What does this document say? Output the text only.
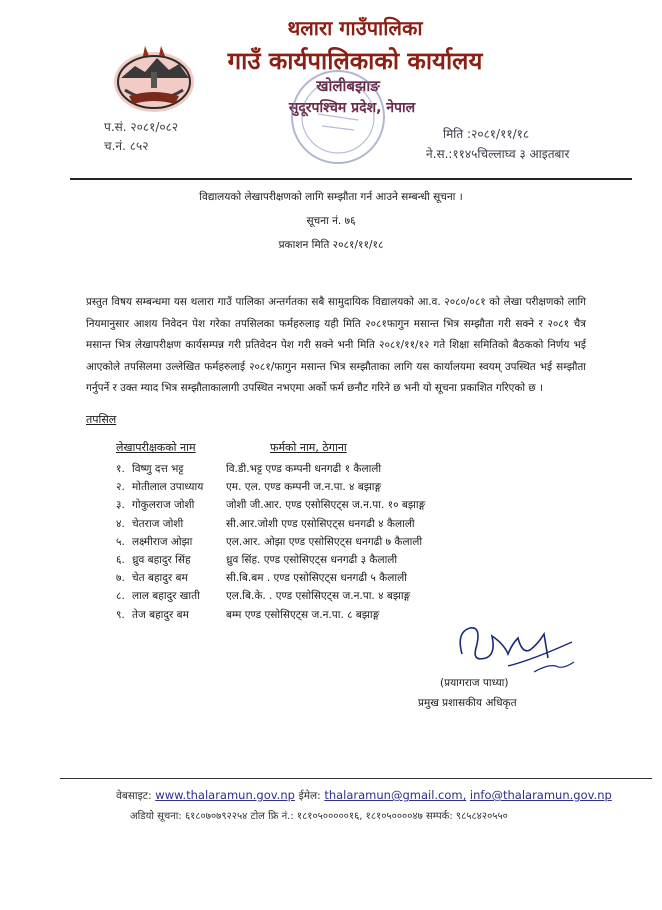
थलारा गाउँपालिका
गाउँ कार्यपालिकाको कार्यालय
खोलीबझाङ
सुदूरपश्चिम प्रदेश, नेपाल
प.सं. २०८१/०८२
च.नं. ८५२
मिति :२०८१/११/१८
ने.स.:११४५चिल्लाघ्व ३ आइतबार
विद्यालयको लेखापरीक्षणको लागि सम्झौता गर्न आउने सम्बन्धी सूचना ।
सूचना नं. ७६
प्रकाशन मिति २०८१/११/१८
प्रस्तुत विषय सम्बन्धमा यस थलारा गाउँ पालिका अन्तर्गतका सबै सामुदायिक विद्यालयको आ.व. २०८०/०८१ को लेखा परीक्षणको लागि नियमानुसार आशय निवेदन पेश गरेका तपसिलका फर्महरुलाइ यही मिति २०८१फागुन मसान्त भित्र सम्झौता गरी सक्ने र २०८१ चैत्र मसान्त भित्र लेखापरीक्षण कार्यसम्पन्न गरी प्रतिवेदन पेश गरी सक्ने भनी मिति २०८१/११/१२ गते शिक्षा समितिको बैठकको निर्णय भई आएकोले तपसिलमा उल्लेखित फर्महरुलाई २०८१/फागुन मसान्त भित्र सम्झौताका लागि यस कार्यालयमा स्वयम् उपस्थित भई सम्झौता गर्नुपर्ने र उक्त म्याद भित्र सम्झौताकालागी उपस्थित नभएमा अर्को फर्म छनौट गरिने छ भनी यो सूचना प्रकाशित गरिएको छ ।
तपसिल
लेखापरीक्षकको नाम	फर्मको नाम, ठेगाना
१. विष्णु दत्त भट्ट	वि.डी.भट्ट एण्ड कम्पनी धनगढी १ कैलाली
२. मोतीलाल उपाध्याय	एम. एल. एण्ड कम्पनी ज.न.पा. ४ बझाङ्ग
३. गोकुलराज जोशी	जोशी जी.आर. एण्ड एसोसिएट्स ज.न.पा. १० बझाङ्ग
४. चेतराज जोशी	सी.आर.जोशी एण्ड एसोसिएट्स धनगढी ४ कैलाली
५. लक्ष्मीराज ओझा	एल.आर. ओझा एण्ड एसोसिएट्स धनगढी ७ कैलाली
६. ध्रुव बहादुर सिंह	ध्रुव सिंह. एण्ड एसोसिएट्स धनगढी ३ कैलाली
७. चेत बहादुर बम	सी.बि.बम . एण्ड एसोसिएट्स धनगढी ५ कैलाली
८. लाल बहादुर खाती	एल.बि.के. . एण्ड एसोसिएट्स ज.न.पा. ४ बझाङ्ग
९. तेज बहादुर बम	बम्म एण्ड एसोसिएट्स ज.न.पा. ८ बझाङ्ग
(प्रयागराज पाध्या)
प्रमुख प्रशासकीय अधिकृत
वेबसाइट: www.thalaramun.gov.np ईमेल: thalaramun@gmail.com, info@thalaramun.gov.np
अडियो सूचना: ६१८०७०७९२२५४ टोल फ्रि नं.: १८१०५०००००१६, १८१०५००००४७ सम्पर्क: ९८५८४२०५५०
